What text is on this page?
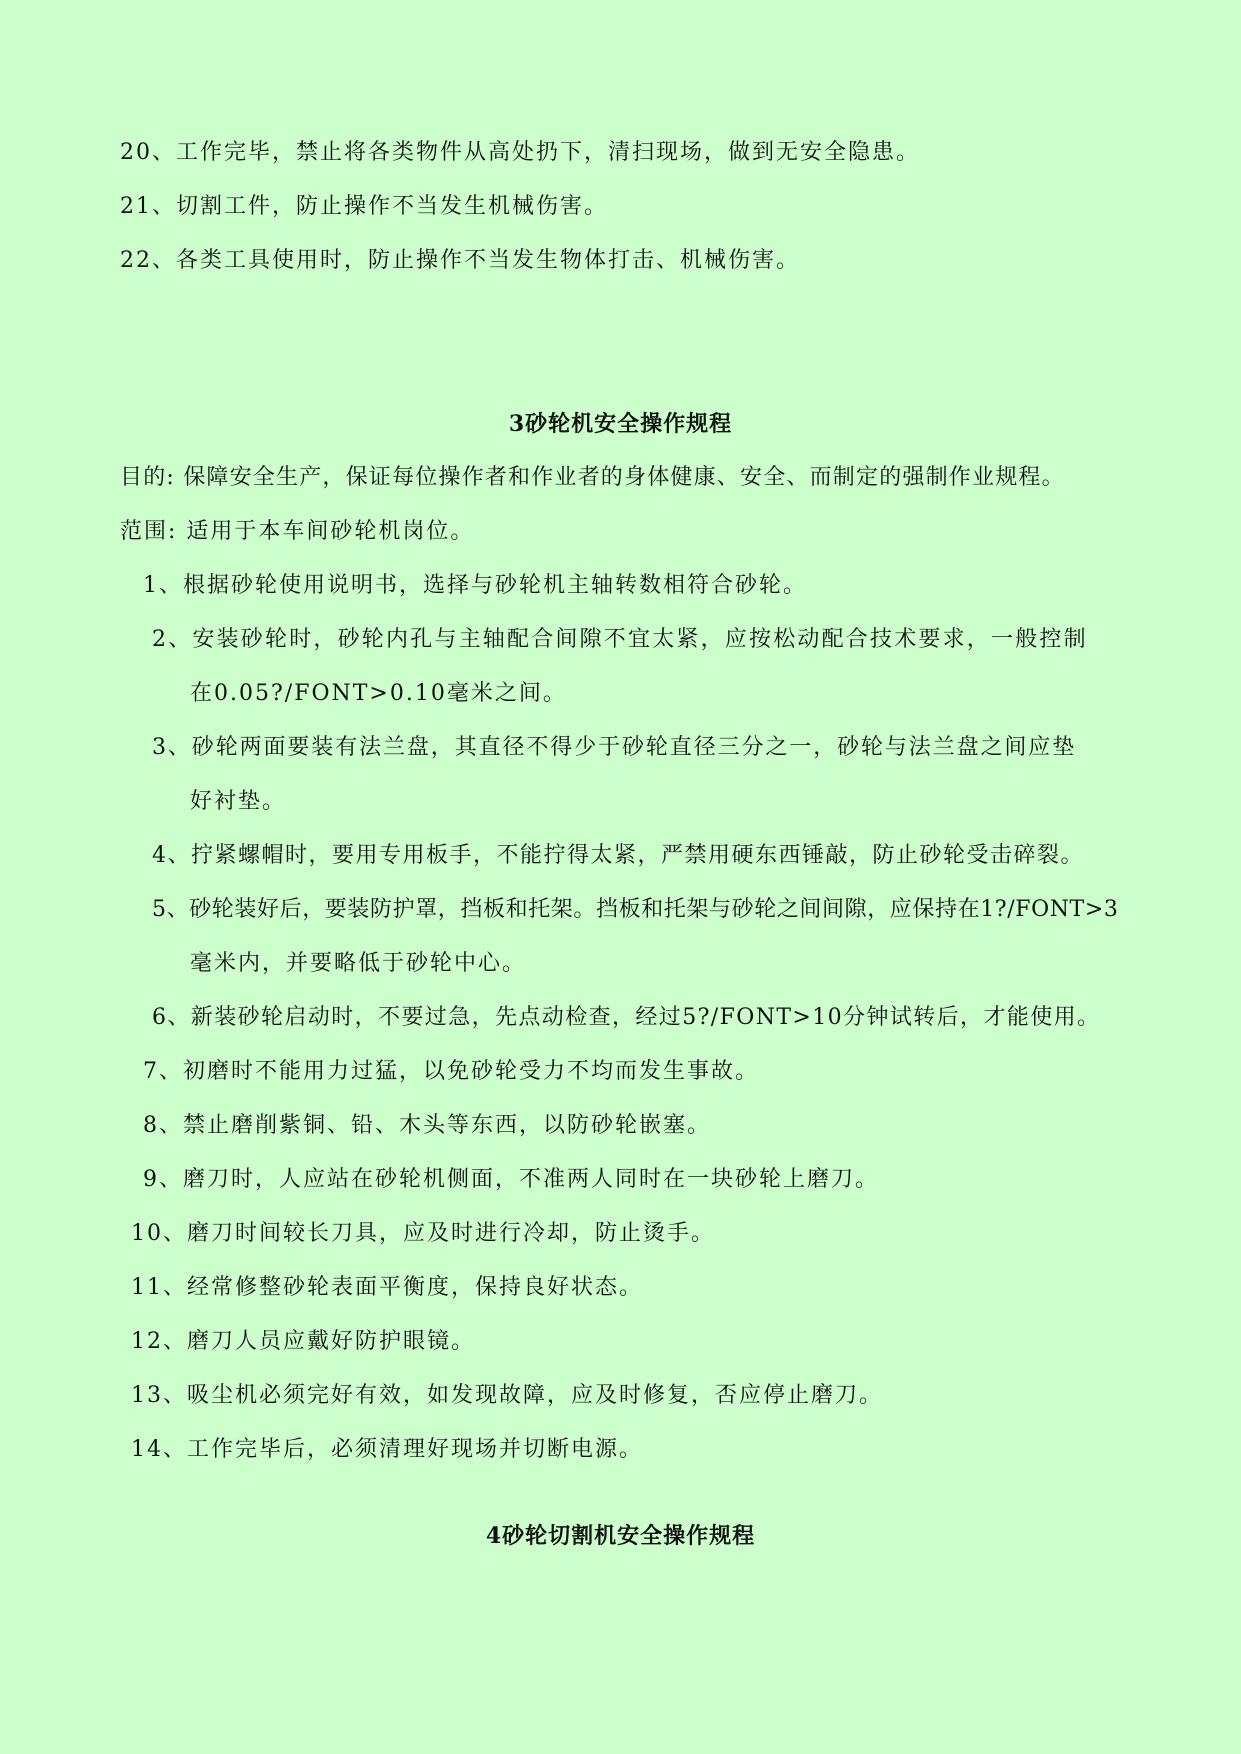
20、工作完毕，禁止将各类物件从高处扔下，清扫现场，做到无安全隐患。
21、切割工件，防止操作不当发生机械伤害。
22、各类工具使用时，防止操作不当发生物体打击、机械伤害。
3砂轮机安全操作规程
目的: 保障安全生产，保证每位操作者和作业者的身体健康、安全、而制定的强制作业规程。
范围: 适用于本车间砂轮机岗位。
1、根据砂轮使用说明书，选择与砂轮机主轴转数相符合砂轮。
2、安装砂轮时，砂轮内孔与主轴配合间隙不宜太紧，应按松动配合技术要求，一般控制
在0.05?/FONT>0.10毫米之间。
3、砂轮两面要装有法兰盘，其直径不得少于砂轮直径三分之一，砂轮与法兰盘之间应垫
好衬垫。
4、拧紧螺帽时，要用专用板手，不能拧得太紧，严禁用硬东西锤敲，防止砂轮受击碎裂。
5、砂轮装好后，要装防护罩，挡板和托架。挡板和托架与砂轮之间间隙，应保持在1?/FONT>3
毫米内，并要略低于砂轮中心。
6、新装砂轮启动时，不要过急，先点动检查，经过5?/FONT>10分钟试转后，才能使用。
7、初磨时不能用力过猛，以免砂轮受力不均而发生事故。
8、禁止磨削紫铜、铅、木头等东西，以防砂轮嵌塞。
9、磨刀时，人应站在砂轮机侧面，不准两人同时在一块砂轮上磨刀。
10、磨刀时间较长刀具，应及时进行冷却，防止烫手。
11、经常修整砂轮表面平衡度，保持良好状态。
12、磨刀人员应戴好防护眼镜。
13、吸尘机必须完好有效，如发现故障，应及时修复，否应停止磨刀。
14、工作完毕后，必须清理好现场并切断电源。
4砂轮切割机安全操作规程
